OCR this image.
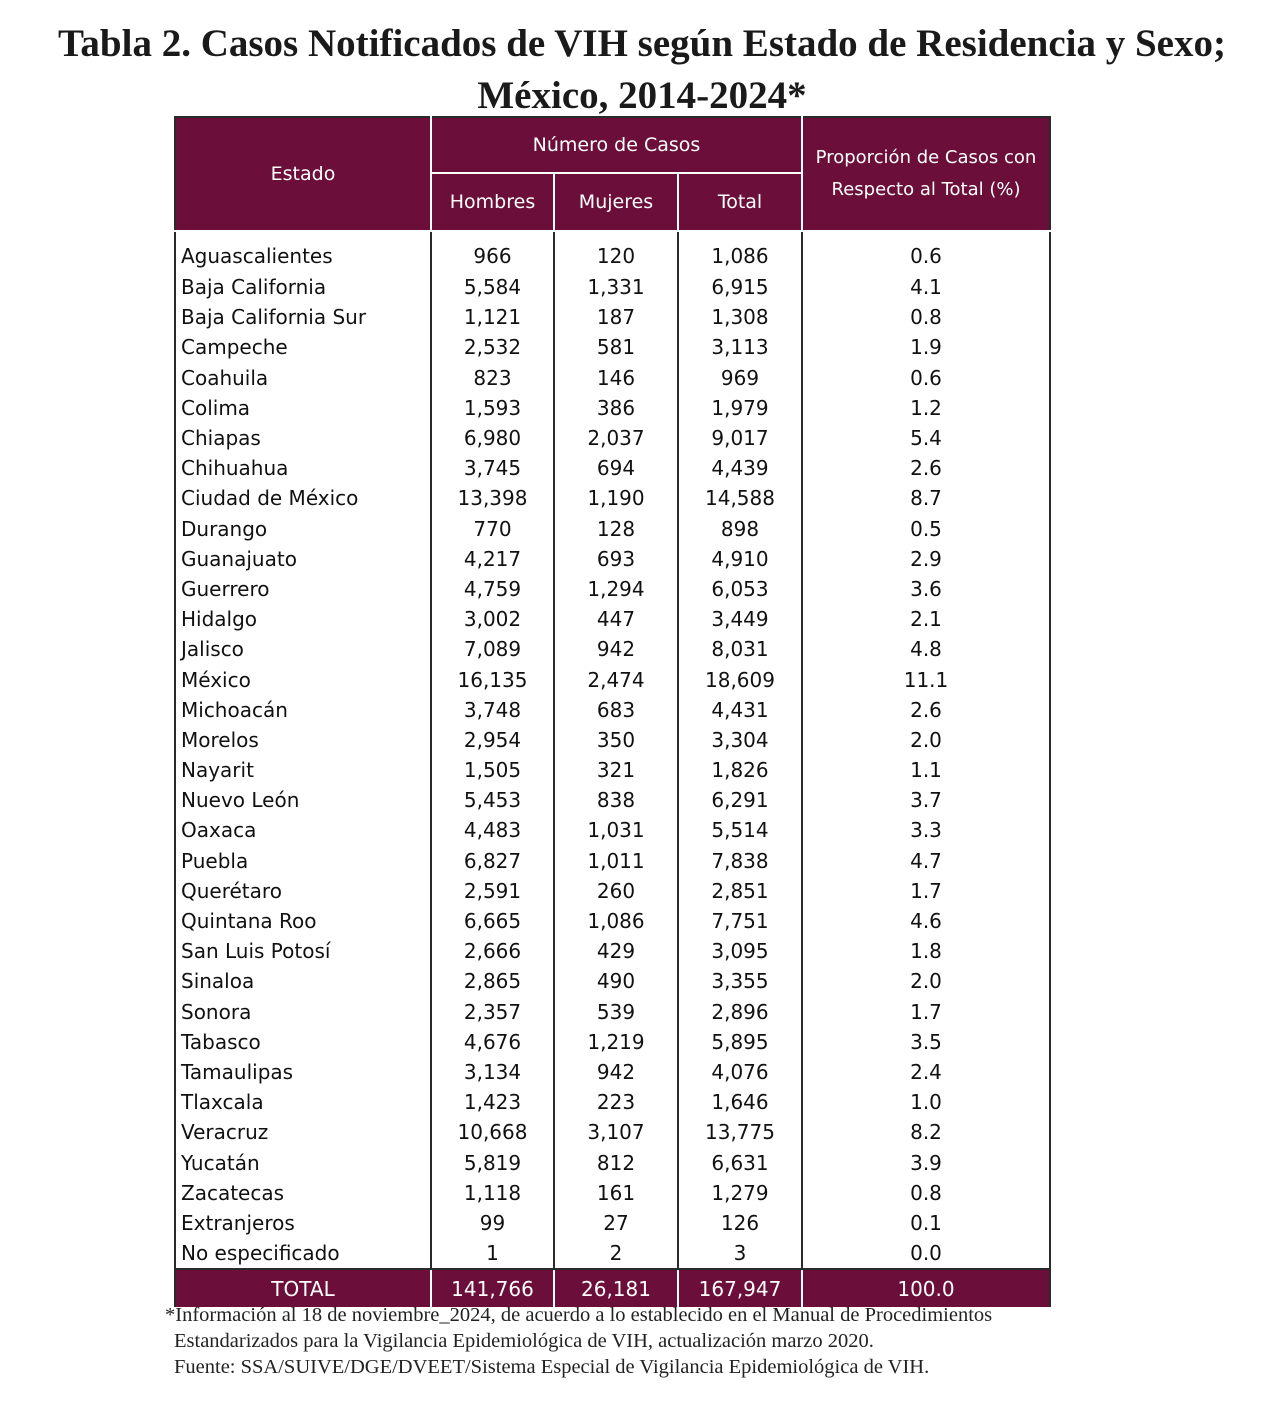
Tabla 2. Casos Notificados de VIH según Estado de Residencia y Sexo;
México, 2014-2024*
Estado	Número de Casos			Proporción de Casos con
Respecto al Total (%)

	Hombres	Mujeres	Total	
Aguascalientes	966	120	1,086	0.6
Baja California	5,584	1,331	6,915	4.1
Baja California Sur	1,121	187	1,308	0.8
Campeche	2,532	581	3,113	1.9
Coahuila	823	146	969	0.6
Colima	1,593	386	1,979	1.2
Chiapas	6,980	2,037	9,017	5.4
Chihuahua	3,745	694	4,439	2.6
Ciudad de México	13,398	1,190	14,588	8.7
Durango	770	128	898	0.5
Guanajuato	4,217	693	4,910	2.9
Guerrero	4,759	1,294	6,053	3.6
Hidalgo	3,002	447	3,449	2.1
Jalisco	7,089	942	8,031	4.8
México	16,135	2,474	18,609	11.1
Michoacán	3,748	683	4,431	2.6
Morelos	2,954	350	3,304	2.0
Nayarit	1,505	321	1,826	1.1
Nuevo León	5,453	838	6,291	3.7
Oaxaca	4,483	1,031	5,514	3.3
Puebla	6,827	1,011	7,838	4.7
Querétaro	2,591	260	2,851	1.7
Quintana Roo	6,665	1,086	7,751	4.6
San Luis Potosí	2,666	429	3,095	1.8
Sinaloa	2,865	490	3,355	2.0
Sonora	2,357	539	2,896	1.7
Tabasco	4,676	1,219	5,895	3.5
Tamaulipas	3,134	942	4,076	2.4
Tlaxcala	1,423	223	1,646	1.0
Veracruz	10,668	3,107	13,775	8.2
Yucatán	5,819	812	6,631	3.9
Zacatecas	1,118	161	1,279	0.8
Extranjeros	99	27	126	0.1
No especificado	1	2	3	0.0
TOTAL	141,766	26,181	167,947	100.0
*Información al 18 de noviembre_2024, de acuerdo a lo establecido en el Manual de Procedimientos
Estandarizados para la Vigilancia Epidemiológica de VIH, actualización marzo 2020.
Fuente: SSA/SUIVE/DGE/DVEET/Sistema Especial de Vigilancia Epidemiológica de VIH.
